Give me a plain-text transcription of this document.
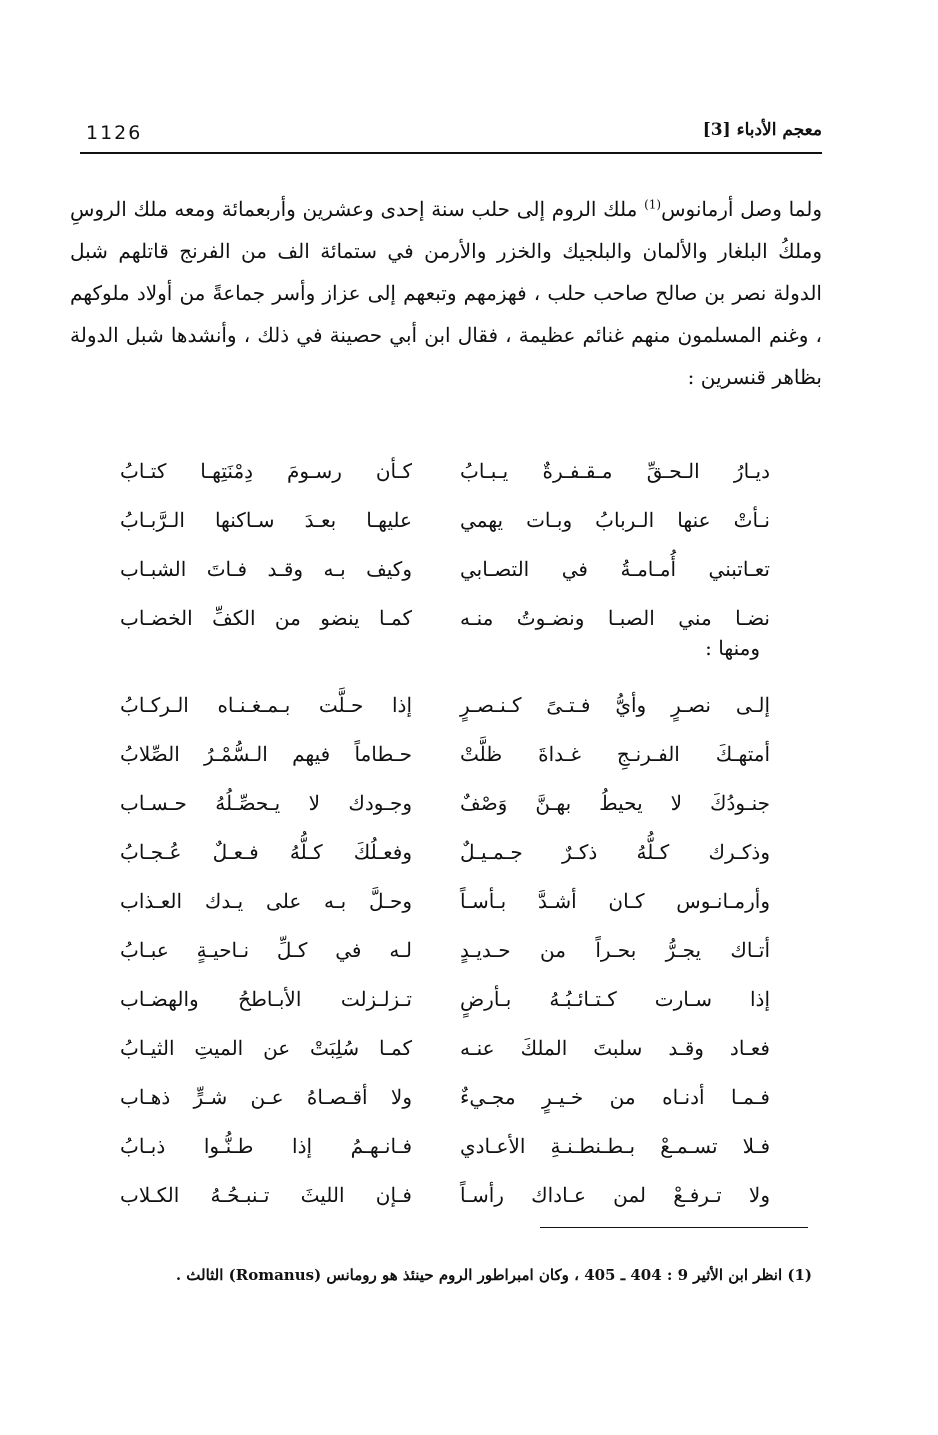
1126	معجم الأدباء [3]
ولما وصل أرمانوس$^{(1)}$ ملك الروم إلى حلب سنة إحدى وعشرين وأربعمائة ومعه ملك الروسِ وملكُ البلغار والألمان والبلجيك والخزر والأرمن في ستمائة الف من الفرنج قاتلهم شبل الدولة نصر بن صالح صاحب حلب ، فهزمهم وتبعهم إلى عزاز وأسر جماعةً من أولاد ملوكهم ، وغنم المسلمون منهم غنائم عظيمة ، فقال ابن أبي حصينة في ذلك ، وأنشدها شبل الدولة بظاهر قنسرين :
ديـارُ الـحـقِّ مـقـفـرةٌ يـبـابُ
كـأن رسـومَ دِمْنَتِهـا كتـابُ
نـأتْ عنها الـربابُ وبـات يهمي
عليهـا بعـدَ سـاكنها الـرَّبـابُ
تعـاتبني أُمـامـةُ في التصـابي
وكيف بـه وقـد فـاتَ الشبـاب
نضـا مني الصبـا ونضـوتُ منـه
كمـا ينضو من الكفِّ الخضـاب
ومنها :
إلـى نصـرٍ وأيُّ فـتـىً كـنـصـرٍ
إذا حـلَّت بـمـغـنـاه الـركـابُ
أمتهـكَ الفـرنـجِ غـداةَ ظلَّتْ
حـطاماً فيهم الـسُّمْـرُ الصِّلابُ
جنـودُكَ لا يحيطُ بهـنَّ وَصْفٌ
وجـودك لا يـحصِّـلُهُ حـسـاب
وذكـرك كـلُّهُ ذكـرٌ جـمـيـلٌ
وفعـلُكَ كـلُّهُ فـعـلٌ عُـجـابُ
وأرمـانـوس كـان أشـدَّ بـأسـاً
وحـلَّ بـه على يـدك العـذاب
أتـاك يجـرُّ بحـراً من حـديـدٍ
لـه في كـلِّ نـاحيـةٍ عبـابُ
إذا سـارت كـتـائـبُـهُ بـأرضٍ
تـزلـزلت الأبـاطحُ والهضـاب
فعـاد وقـد سلبتَ الملكَ عنـه
كمـا سُلِبَتْ عن الميتِ الثيـابُ
فـمـا أدنـاه من خـيـرٍ مجـيءٌ
ولا أقـصـاهُ عـن شـرٍّ ذهـاب
فـلا تسـمـعْ بـطـنطـنـةِ الأعـادي
فـانـهـمُ إذا طـنُّـوا ذبـابُ
ولا تـرفـعْ لمن عـاداك رأسـاً
فـإن الليثَ تـنبـحُـهُ الكـلاب
(1) انظر ابن الأثير 9 : 404 ـ 405 ، وكان امبراطور الروم حينئذ هو رومانس (Romanus) الثالث .
